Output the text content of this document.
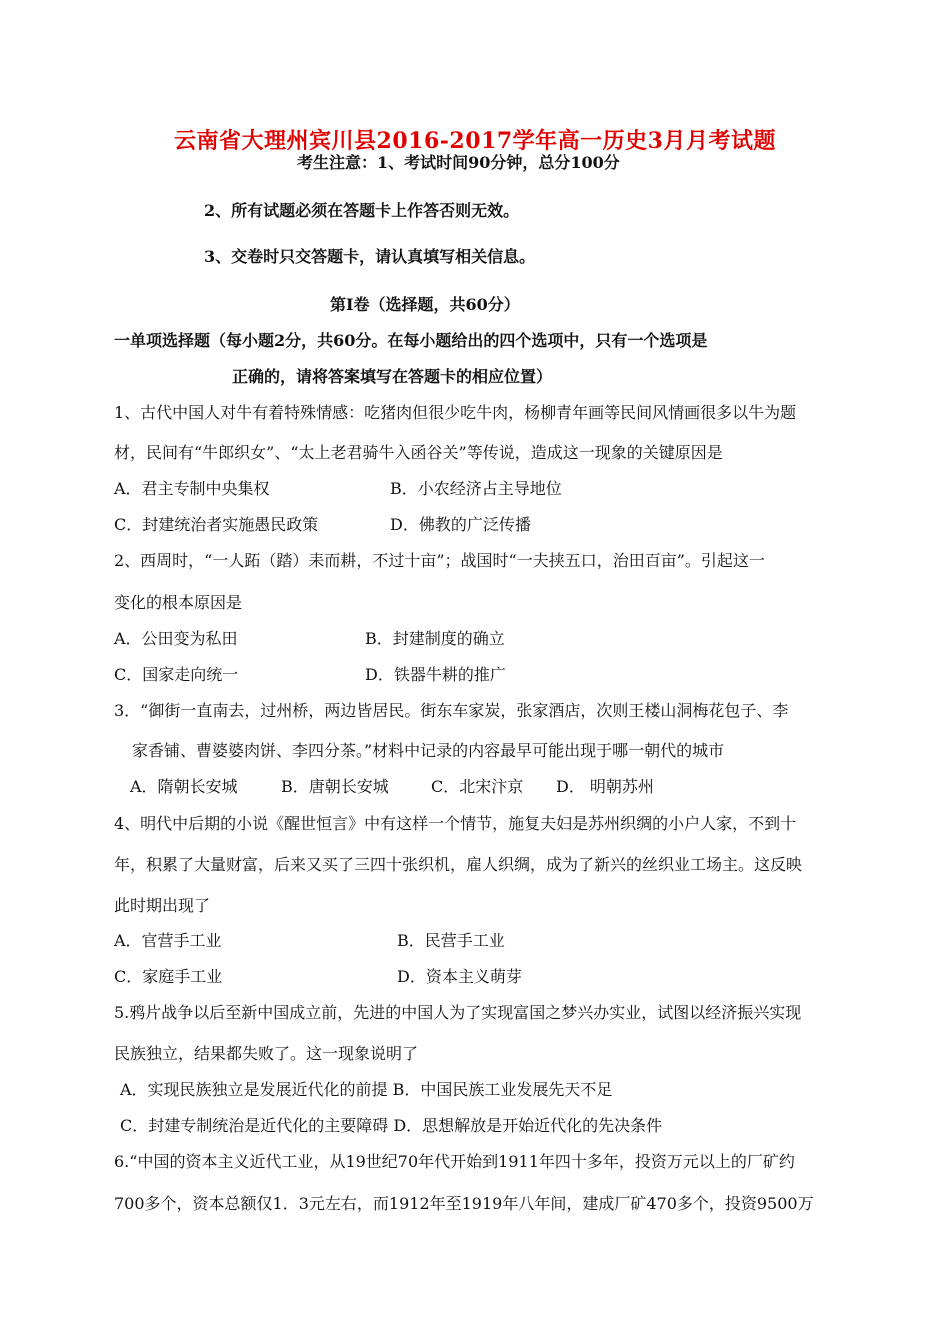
云南省大理州宾川县2016-2017学年高一历史3月月考试题
考生注意：1、考试时间90分钟，总分100分
2、所有试题必须在答题卡上作答否则无效。
3、交卷时只交答题卡，请认真填写相关信息。
第Ⅰ卷（选择题，共60分）
一单项选择题（每小题2分，共60分。在每小题给出的四个选项中，只有一个选项是
正确的，请将答案填写在答题卡的相应位置）
1、古代中国人对牛有着特殊情感：吃猪肉但很少吃牛肉，杨柳青年画等民间风情画很多以牛为题
材，民间有“牛郎织女”、“太上老君骑牛入函谷关”等传说，造成这一现象的关键原因是
A．君主专制中央集权	B．小农经济占主导地位
C．封建统治者实施愚民政策	D．佛教的广泛传播
2、西周时，“一人跖（踏）耒而耕，不过十亩”；战国时“一夫挟五口，治田百亩”。引起这一
变化的根本原因是
A．公田变为私田	B．封建制度的确立
C．国家走向统一	D．铁器牛耕的推广
3．“御街一直南去，过州桥，两边皆居民。街东车家炭，张家酒店，次则王楼山洞梅花包子、李
家香铺、曹婆婆肉饼、李四分茶。”材料中记录的内容最早可能出现于哪一朝代的城市
A．隋朝长安城	B．唐朝长安城	C．北宋汴京 D． 明朝苏州
4、明代中后期的小说《醒世恒言》中有这样一个情节，施复夫妇是苏州织绸的小户人家，不到十
年，积累了大量财富，后来又买了三四十张织机，雇人织绸，成为了新兴的丝织业工场主。这反映
此时期出现了
A．官营手工业	B．民营手工业
C．家庭手工业	D．资本主义萌芽
5.鸦片战争以后至新中国成立前，先进的中国人为了实现富国之梦兴办实业，试图以经济振兴实现
民族独立，结果都失败了。这一现象说明了
A．实现民族独立是发展近代化的前提 B．中国民族工业发展先天不足
C．封建专制统治是近代化的主要障碍 D．思想解放是开始近代化的先决条件
6.“中国的资本主义近代工业，从19世纪70年代开始到1911年四十多年，投资万元以上的厂矿约
700多个，资本总额仅1．3元左右，而1912年至1919年八年间，建成厂矿470多个，投资9500万
